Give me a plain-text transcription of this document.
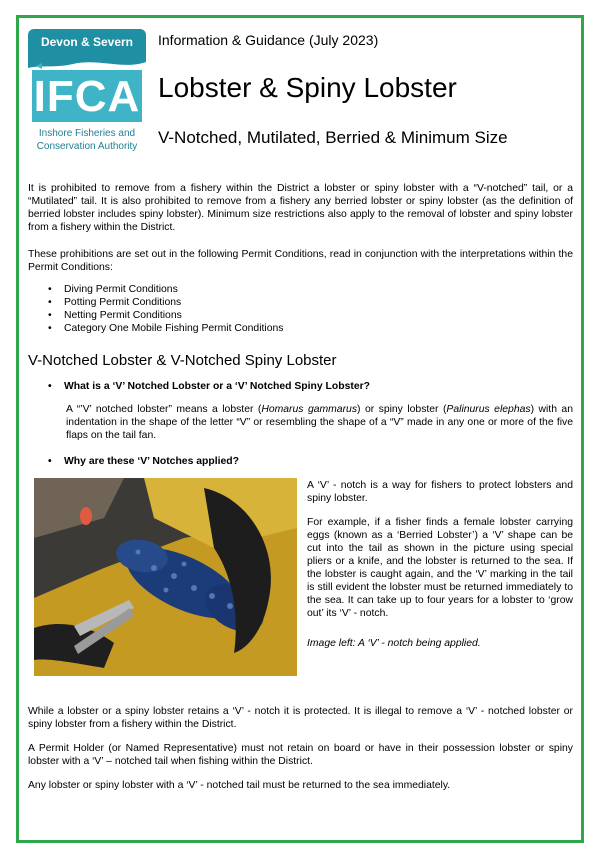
Devon & Severn
IFCA
Inshore Fisheries and
Conservation Authority
Information & Guidance (July 2023)
Lobster & Spiny Lobster
V-Notched, Mutilated, Berried & Minimum Size
It is prohibited to remove from a fishery within the District a lobster or spiny lobster with a “V-notched” tail, or a “Mutilated” tail. It is also prohibited to remove from a fishery any berried lobster or spiny lobster (as the definition of berried lobster includes spiny lobster). Minimum size restrictions also apply to the removal of lobster and spiny lobster from a fishery within the District.
These prohibitions are set out in the following Permit Conditions, read in conjunction with the interpretations within the Permit Conditions:
• Diving Permit Conditions
• Potting Permit Conditions
• Netting Permit Conditions
• Category One Mobile Fishing Permit Conditions
V-Notched Lobster & V-Notched Spiny Lobster
• What is a ‘V’ Notched Lobster or a ‘V’ Notched Spiny Lobster?
A “’V’ notched lobster” means a lobster (Homarus gammarus) or spiny lobster (Palinurus elephas) with an indentation in the shape of the letter “V” or resembling the shape of a “V” made in any one or more of the five flaps on the tail fan.
• Why are these ‘V’ Notches applied?
A ‘V’ - notch is a way for fishers to protect lobsters and spiny lobster.
For example, if a fisher finds a female lobster carrying eggs (known as a ‘Berried Lobster’) a ‘V’ shape can be cut into the tail as shown in the picture using special pliers or a knife, and the lobster is returned to the sea. If the lobster is caught again, and the ‘V’ marking in the tail is still evident the lobster must be returned immediately to the sea. It can take up to four years for a lobster to ‘grow out’ its ‘V’ - notch.
Image left: A ‘V’ - notch being applied.
While a lobster or a spiny lobster retains a ‘V’ - notch it is protected. It is illegal to remove a ‘V’ - notched lobster or spiny lobster from a fishery within the District.
A Permit Holder (or Named Representative) must not retain on board or have in their possession lobster or spiny lobster with a ‘V’ – notched tail when fishing within the District.
Any lobster or spiny lobster with a ‘V’ - notched tail must be returned to the sea immediately.
